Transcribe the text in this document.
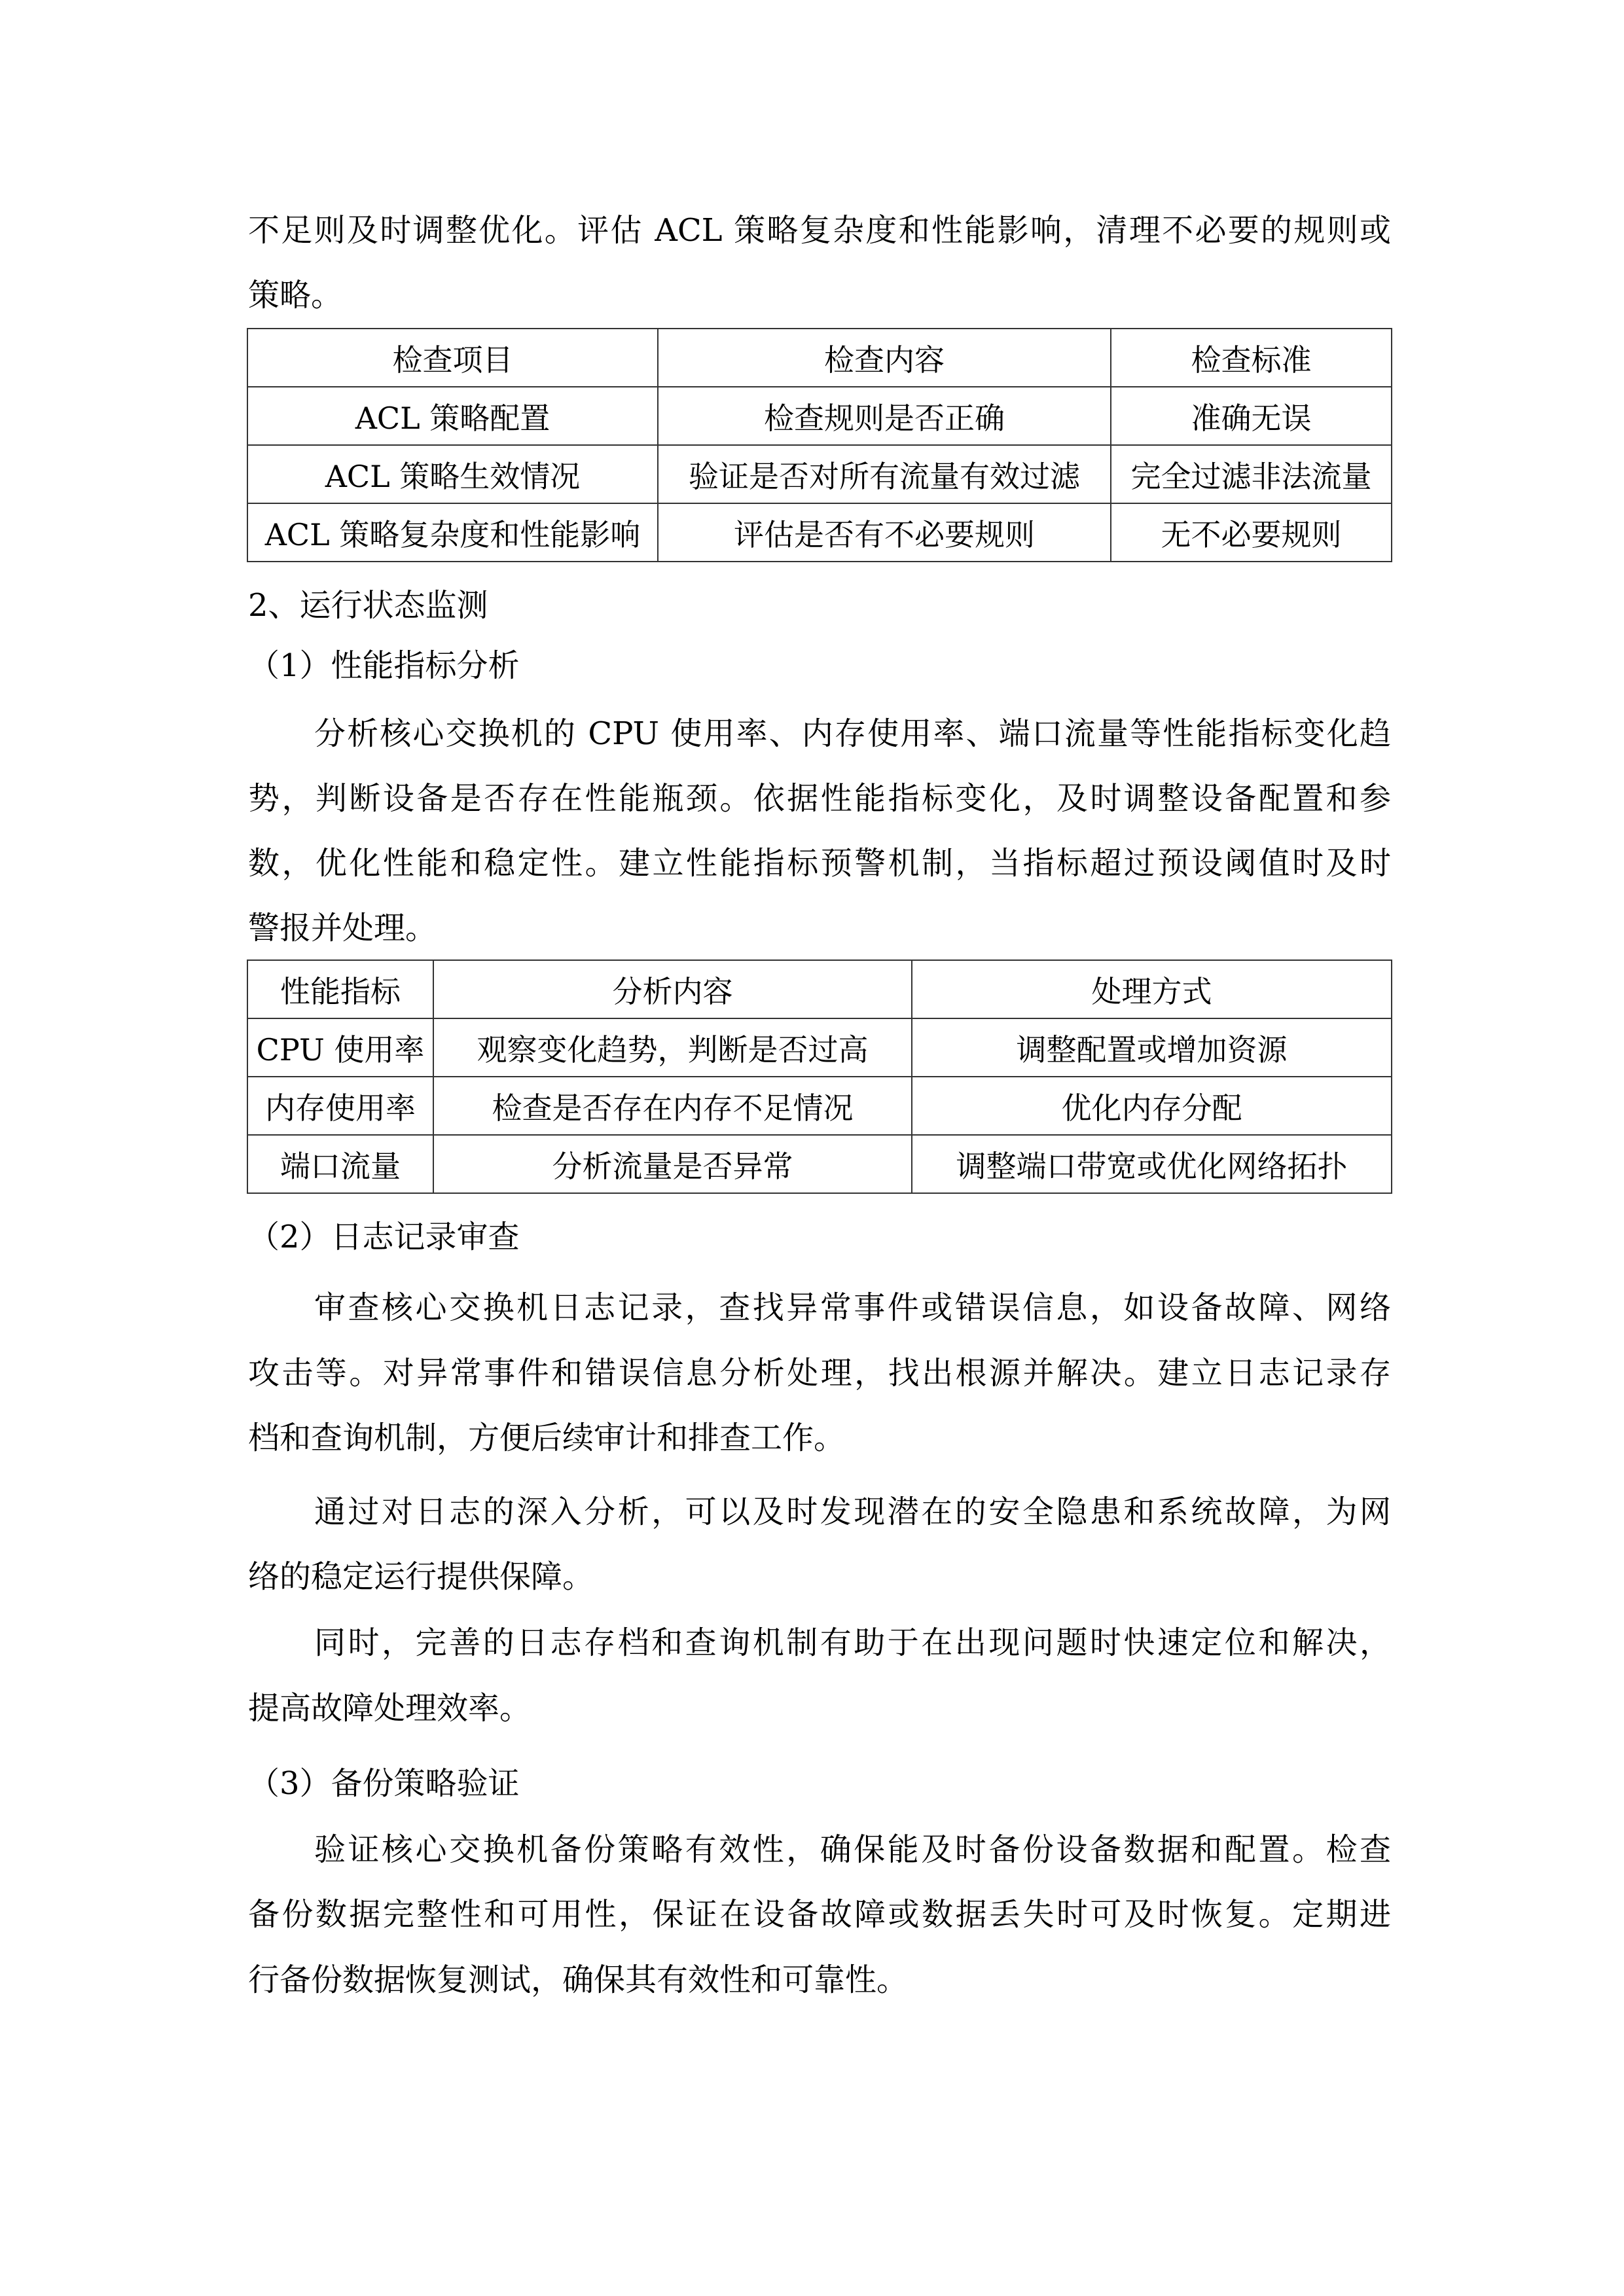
不足则及时调整优化。评估 ACL 策略复杂度和性能影响，清理不必要的规则或
策略。
检查项目	检查内容	检查标准
ACL 策略配置	检查规则是否正确	准确无误
ACL 策略生效情况	验证是否对所有流量有效过滤	完全过滤非法流量
ACL 策略复杂度和性能影响	评估是否有不必要规则	无不必要规则
2、运行状态监测
（1）性能指标分析
分析核心交换机的 CPU 使用率、内存使用率、端口流量等性能指标变化趋
势，判断设备是否存在性能瓶颈。依据性能指标变化，及时调整设备配置和参
数，优化性能和稳定性。建立性能指标预警机制，当指标超过预设阈值时及时
警报并处理。
性能指标	分析内容	处理方式
CPU 使用率	观察变化趋势，判断是否过高	调整配置或增加资源
内存使用率	检查是否存在内存不足情况	优化内存分配
端口流量	分析流量是否异常	调整端口带宽或优化网络拓扑
（2）日志记录审查
审查核心交换机日志记录，查找异常事件或错误信息，如设备故障、网络
攻击等。对异常事件和错误信息分析处理，找出根源并解决。建立日志记录存
档和查询机制，方便后续审计和排查工作。
通过对日志的深入分析，可以及时发现潜在的安全隐患和系统故障，为网
络的稳定运行提供保障。
同时，完善的日志存档和查询机制有助于在出现问题时快速定位和解决，
提高故障处理效率。
（3）备份策略验证
验证核心交换机备份策略有效性，确保能及时备份设备数据和配置。检查
备份数据完整性和可用性，保证在设备故障或数据丢失时可及时恢复。定期进
行备份数据恢复测试，确保其有效性和可靠性。
